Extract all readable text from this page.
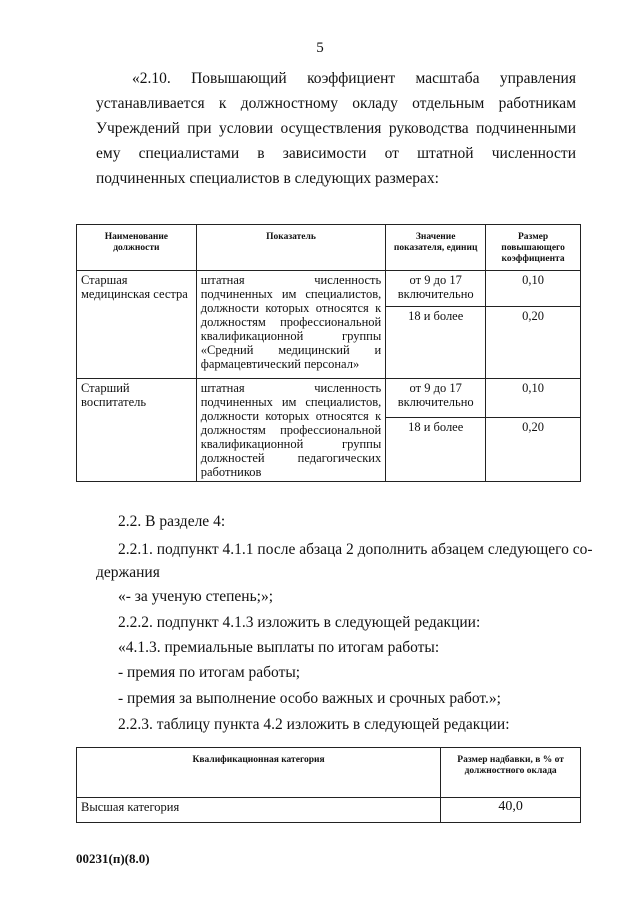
5
«2.10. Повышающий коэффициент масштаба управления устанавливается к должностному окладу отдельным работникам Учреждений при условии осуществления руководства подчиненными ему специалистами в зависимости от штатной численности подчиненных специалистов в следующих размерах:
Наименование должности	Показатель	Значение показателя, единиц	Размер повышающего коэффициента
Старшая медицинская сестра	штатная численность подчиненных им специалистов, должности которых относятся к должностям профессиональной квалификационной группы «Средний медицинский и фармацевтический персонал»	от 9 до 17 включительно	0,10
		18 и более	0,20
Старший воспитатель	штатная численность подчиненных им специалистов, должности которых относятся к должностям профессиональной квалификационной группы должностей педагогических работников	от 9 до 17 включительно	0,10
		18 и более	0,20
2.2. В разделе 4:
2.2.1. подпункт 4.1.1 после абзаца 2 дополнить абзацем следующего со-
держания
«- за ученую степень;»;
2.2.2. подпункт 4.1.3 изложить в следующей редакции:
«4.1.3. премиальные выплаты по итогам работы:
- премия по итогам работы;
- премия за выполнение особо важных и срочных работ.»;
2.2.3. таблицу пункта 4.2 изложить в следующей редакции:
Квалификационная категория	Размер надбавки, в % от должностного оклада
Высшая категория	40,0
00231(п)(8.0)
